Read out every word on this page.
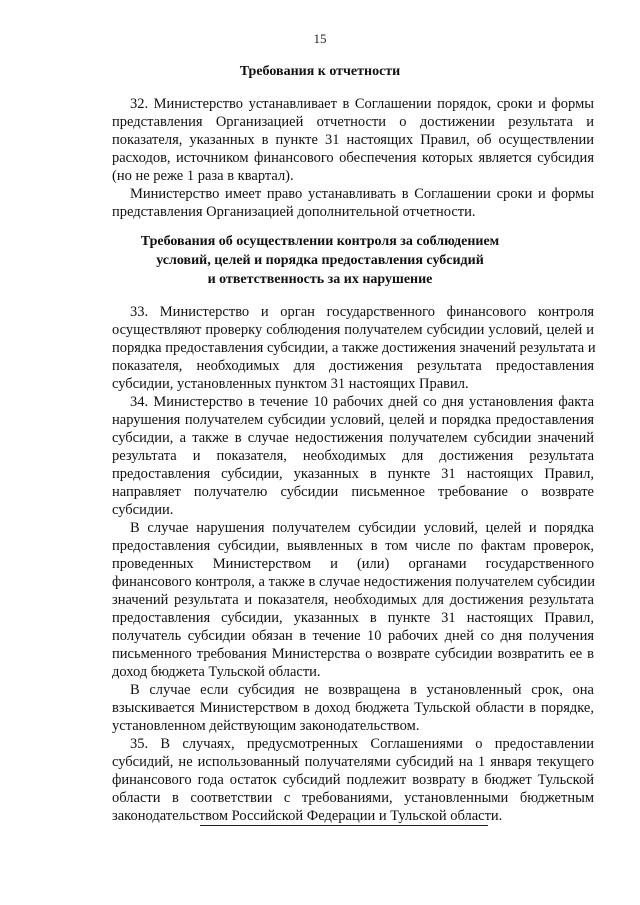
15
Требования к отчетности
Требования об осуществлении контроля за соблюдением
условий, целей и порядка предоставления субсидий
и ответственность за их нарушение
32. Министерство устанавливает в Соглашении порядок, сроки и формы
представления Организацией отчетности о достижении результата и
показателя, указанных в пункте 31 настоящих Правил, об осуществлении
расходов, источником финансового обеспечения которых является субсидия
(но не реже 1 раза в квартал).
Министерство имеет право устанавливать в Соглашении сроки и формы
представления Организацией дополнительной отчетности.
33. Министерство и орган государственного финансового контроля
осуществляют проверку соблюдения получателем субсидии условий, целей и
порядка предоставления субсидии, а также достижения значений результата и
показателя, необходимых для достижения результата предоставления
субсидии, установленных пунктом 31 настоящих Правил.
34. Министерство в течение 10 рабочих дней со дня установления факта
нарушения получателем субсидии условий, целей и порядка предоставления
субсидии, а также в случае недостижения получателем субсидии значений
результата и показателя, необходимых для достижения результата
предоставления субсидии, указанных в пункте 31 настоящих Правил,
направляет получателю субсидии письменное требование о возврате
субсидии.
В случае нарушения получателем субсидии условий, целей и порядка
предоставления субсидии, выявленных в том числе по фактам проверок,
проведенных Министерством и (или) органами государственного
финансового контроля, а также в случае недостижения получателем субсидии
значений результата и показателя, необходимых для достижения результата
предоставления субсидии, указанных в пункте 31 настоящих Правил,
получатель субсидии обязан в течение 10 рабочих дней со дня получения
письменного требования Министерства о возврате субсидии возвратить ее в
доход бюджета Тульской области.
В случае если субсидия не возвращена в установленный срок, она
взыскивается Министерством в доход бюджета Тульской области в порядке,
установленном действующим законодательством.
35. В случаях, предусмотренных Соглашениями о предоставлении
субсидий, не использованный получателями субсидий на 1 января текущего
финансового года остаток субсидий подлежит возврату в бюджет Тульской
области в соответствии с требованиями, установленными бюджетным
законодательством Российской Федерации и Тульской области.
